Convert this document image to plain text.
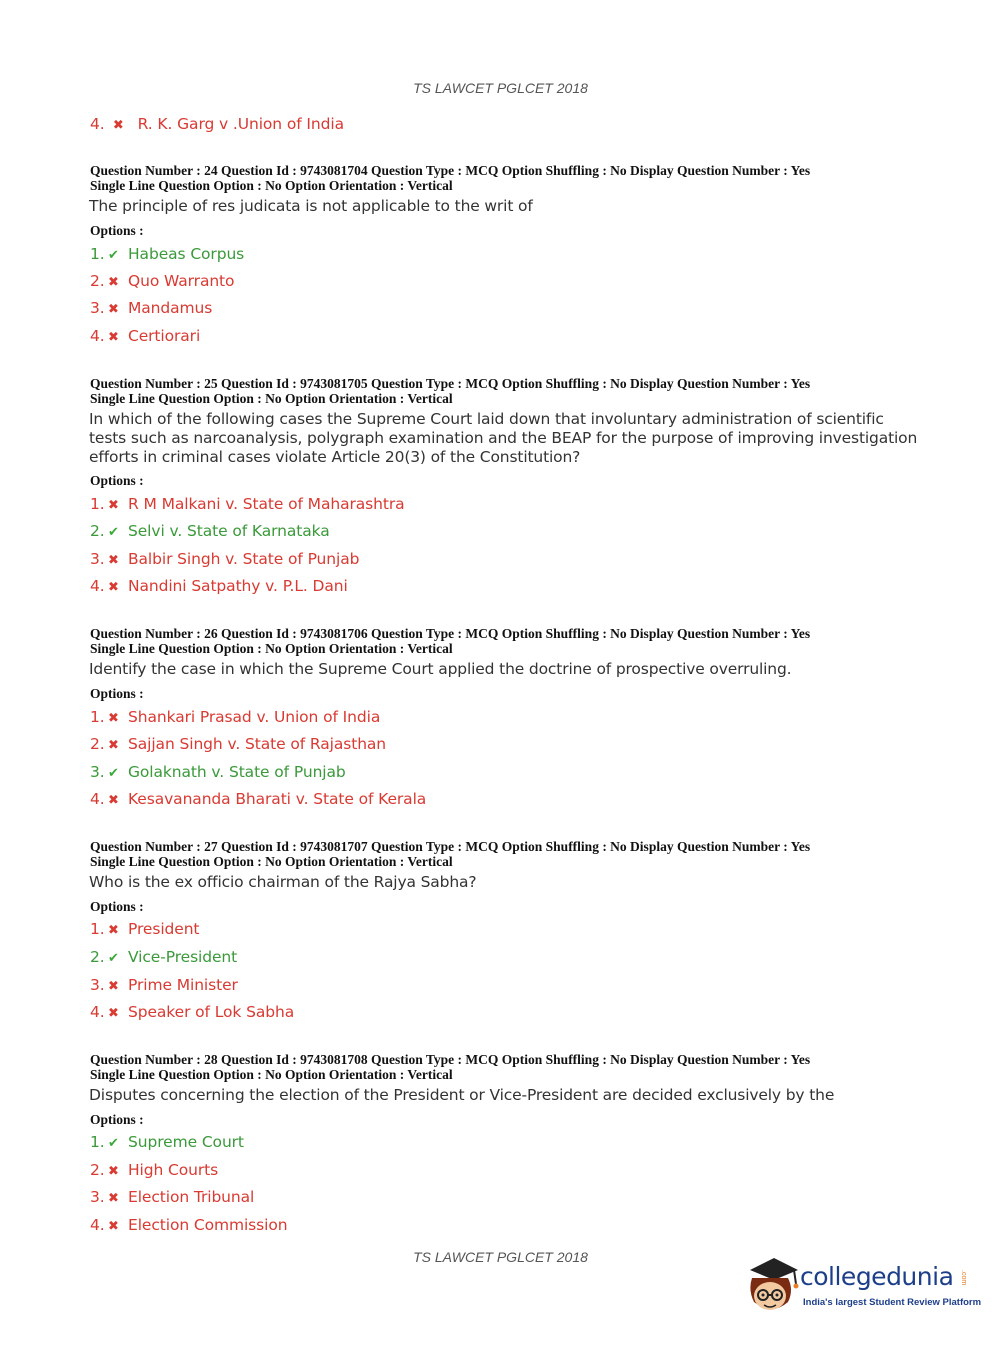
TS LAWCET PGLCET 2018
4. ✖ R. K. Garg v .Union of India
Question Number : 24 Question Id : 9743081704 Question Type : MCQ Option Shuffling : No Display Question Number : Yes
Single Line Question Option : No Option Orientation : Vertical
The principle of res judicata is not applicable to the writ of
Options :
1. ✔ Habeas Corpus
2. ✖ Quo Warranto
3. ✖ Mandamus
4. ✖ Certiorari
Question Number : 25 Question Id : 9743081705 Question Type : MCQ Option Shuffling : No Display Question Number : Yes
Single Line Question Option : No Option Orientation : Vertical
In which of the following cases the Supreme Court laid down that involuntary administration of scientific tests such as narcoanalysis, polygraph examination and the BEAP for the purpose of improving investigation efforts in criminal cases violate Article 20(3) of the Constitution?
Options :
1. ✖ R M Malkani v. State of Maharashtra
2. ✔ Selvi v. State of Karnataka
3. ✖ Balbir Singh v. State of Punjab
4. ✖ Nandini Satpathy v. P.L. Dani
Question Number : 26 Question Id : 9743081706 Question Type : MCQ Option Shuffling : No Display Question Number : Yes
Single Line Question Option : No Option Orientation : Vertical
Identify the case in which the Supreme Court applied the doctrine of prospective overruling.
Options :
1. ✖ Shankari Prasad v. Union of India
2. ✖ Sajjan Singh v. State of Rajasthan
3. ✔ Golaknath v. State of Punjab
4. ✖ Kesavananda Bharati v. State of Kerala
Question Number : 27 Question Id : 9743081707 Question Type : MCQ Option Shuffling : No Display Question Number : Yes
Single Line Question Option : No Option Orientation : Vertical
Who is the ex officio chairman of the Rajya Sabha?
Options :
1. ✖ President
2. ✔ Vice-President
3. ✖ Prime Minister
4. ✖ Speaker of Lok Sabha
Question Number : 28 Question Id : 9743081708 Question Type : MCQ Option Shuffling : No Display Question Number : Yes
Single Line Question Option : No Option Orientation : Vertical
Disputes concerning the election of the President or Vice-President are decided exclusively by the
Options :
1. ✔ Supreme Court
2. ✖ High Courts
3. ✖ Election Tribunal
4. ✖ Election Commission
TS LAWCET PGLCET 2018
collegedunia .com
India's largest Student Review Platform
